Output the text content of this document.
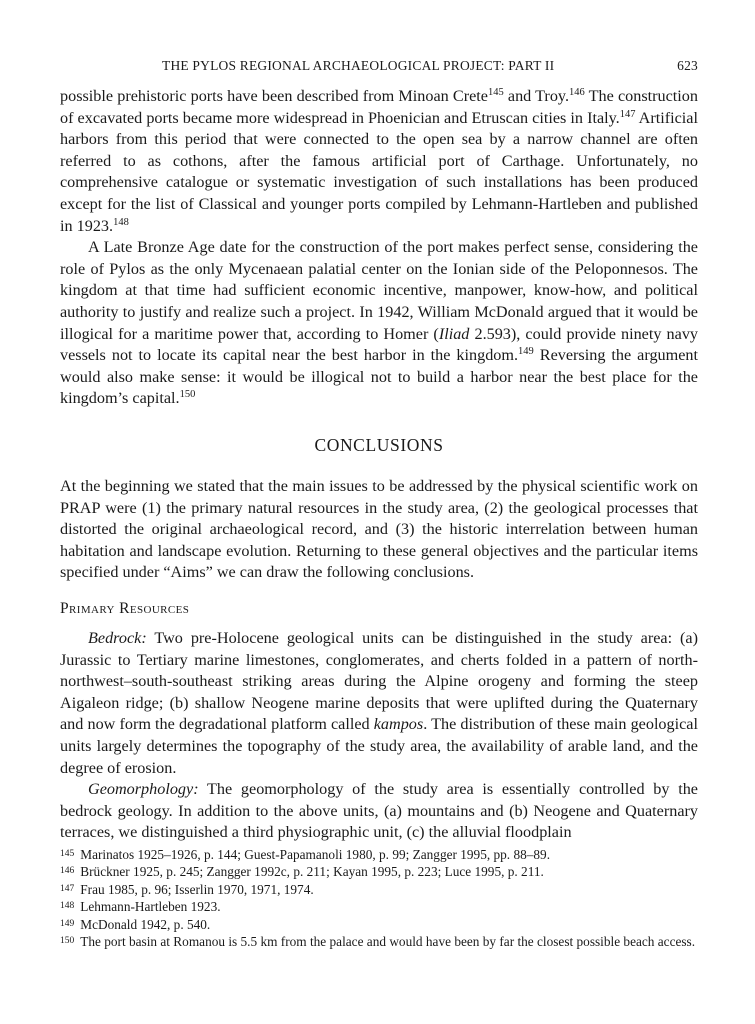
THE PYLOS REGIONAL ARCHAEOLOGICAL PROJECT: PART II	623

possible prehistoric ports have been described from Minoan Crete$^{145}$ and Troy.$^{146}$ The construction of excavated ports became more widespread in Phoenician and Etruscan cities in Italy.$^{147}$ Artificial harbors from this period that were connected to the open sea by a narrow channel are often referred to as cothons, after the famous artificial port of Carthage. Unfortunately, no comprehensive catalogue or systematic investigation of such installations has been produced except for the list of Classical and younger ports compiled by Lehmann-Hartleben and published in 1923.$^{148}$

A Late Bronze Age date for the construction of the port makes perfect sense, considering the role of Pylos as the only Mycenaean palatial center on the Ionian side of the Peloponnesos. The kingdom at that time had sufficient economic incentive, manpower, know-how, and political authority to justify and realize such a project. In 1942, William McDonald argued that it would be illogical for a maritime power that, according to Homer (Iliad 2.593), could provide ninety navy vessels not to locate its capital near the best harbor in the kingdom.$^{149}$ Reversing the argument would also make sense: it would be illogical not to build a harbor near the best place for the kingdom’s capital.$^{150}$

CONCLUSIONS

At the beginning we stated that the main issues to be addressed by the physical scientific work on PRAP were (1) the primary natural resources in the study area, (2) the geological processes that distorted the original archaeological record, and (3) the historic interrelation between human habitation and landscape evolution. Returning to these general objectives and the particular items specified under “Aims” we can draw the following conclusions.

Primary Resources

Bedrock: Two pre-Holocene geological units can be distinguished in the study area: (a) Jurassic to Tertiary marine limestones, conglomerates, and cherts folded in a pattern of north-northwest–south-southeast striking areas during the Alpine orogeny and forming the steep Aigaleon ridge; (b) shallow Neogene marine deposits that were uplifted during the Quaternary and now form the degradational platform called kampos. The distribution of these main geological units largely determines the topography of the study area, the availability of arable land, and the degree of erosion.

Geomorphology: The geomorphology of the study area is essentially controlled by the bedrock geology. In addition to the above units, (a) mountains and (b) Neogene and Quaternary terraces, we distinguished a third physiographic unit, (c) the alluvial floodplain

$^{145}$ Marinatos 1925–1926, p. 144; Guest-Papamanoli 1980, p. 99; Zangger 1995, pp. 88–89.

$^{146}$ Brückner 1925, p. 245; Zangger 1992c, p. 211; Kayan 1995, p. 223; Luce 1995, p. 211.

$^{147}$ Frau 1985, p. 96; Isserlin 1970, 1971, 1974.

$^{148}$ Lehmann-Hartleben 1923.

$^{149}$ McDonald 1942, p. 540.

$^{150}$ The port basin at Romanou is 5.5 km from the palace and would have been by far the closest possible beach access.
